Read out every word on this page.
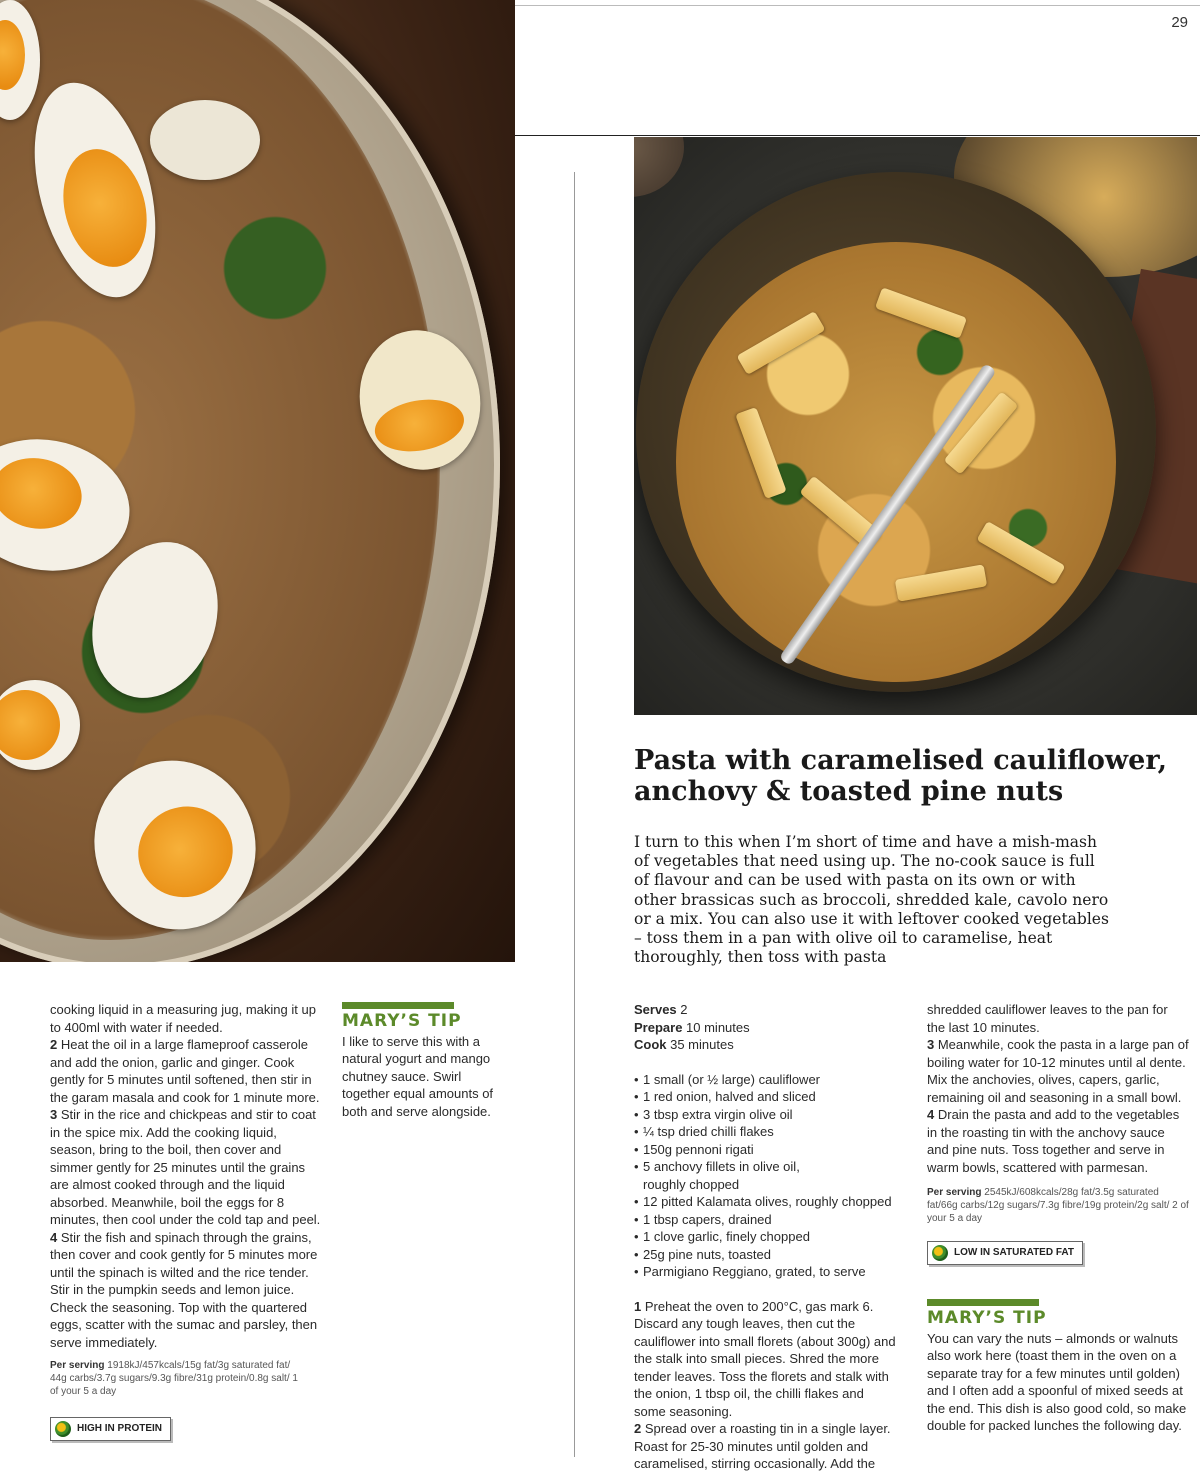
29
Pasta with caramelised cauliflower,
anchovy & toasted pine nuts

I turn to this when I’m short of time and have a mish-mash of vegetables that need using up. The no-cook sauce is full of flavour and can be used with pasta on its own or with other brassicas such as broccoli, shredded kale, cavolo nero or a mix. You can also use it with leftover cooked vegetables – toss them in a pan with olive oil to caramelise, heat thoroughly, then toss with pasta

cooking liquid in a measuring jug, making it up to 400ml with water if needed.

2 Heat the oil in a large flameproof casserole and add the onion, garlic and ginger. Cook gently for 5 minutes until softened, then stir in the garam masala and cook for 1 minute more.

3 Stir in the rice and chickpeas and stir to coat in the spice mix. Add the cooking liquid, season, bring to the boil, then cover and simmer gently for 25 minutes until the grains are almost cooked through and the liquid absorbed. Meanwhile, boil the eggs for 8 minutes, then cool under the cold tap and peel.

4 Stir the fish and spinach through the grains, then cover and cook gently for 5 minutes more until the spinach is wilted and the rice tender. Stir in the pumpkin seeds and lemon juice. Check the seasoning. Top with the quartered eggs, scatter with the sumac and parsley, then serve immediately.

Per serving 1918kJ/457kcals/15g fat/3g saturated fat/ 44g carbs/3.7g sugars/9.3g fibre/31g protein/0.8g salt/ 1 of your 5 a day

HIGH IN PROTEIN
MARY’S TIP

I like to serve this with a natural yogurt and mango chutney sauce. Swirl together equal amounts of both and serve alongside.

Serves 2
Prepare 10 minutes
Cook 35 minutes
• 1 small (or ½ large) cauliflower
• 1 red onion, halved and sliced
• 3 tbsp extra virgin olive oil
• ¼ tsp dried chilli flakes
• 150g pennoni rigati
• 5 anchovy fillets in olive oil, roughly chopped
• 12 pitted Kalamata olives, roughly chopped
• 1 tbsp capers, drained
• 1 clove garlic, finely chopped
• 25g pine nuts, toasted
• Parmigiano Reggiano, grated, to serve

1 Preheat the oven to 200°C, gas mark 6. Discard any tough leaves, then cut the cauliflower into small florets (about 300g) and the stalk into small pieces. Shred the more tender leaves. Toss the florets and stalk with the onion, 1 tbsp oil, the chilli flakes and some seasoning.

2 Spread over a roasting tin in a single layer. Roast for 25-30 minutes until golden and caramelised, stirring occasionally. Add the

shredded cauliflower leaves to the pan for the last 10 minutes.

3 Meanwhile, cook the pasta in a large pan of boiling water for 10-12 minutes until al dente. Mix the anchovies, olives, capers, garlic, remaining oil and seasoning in a small bowl.

4 Drain the pasta and add to the vegetables in the roasting tin with the anchovy sauce and pine nuts. Toss together and serve in warm bowls, scattered with parmesan.

Per serving 2545kJ/608kcals/28g fat/3.5g saturated fat/66g carbs/12g sugars/7.3g fibre/19g protein/2g salt/ 2 of your 5 a day

LOW IN SATURATED FAT
MARY’S TIP

You can vary the nuts – almonds or walnuts also work here (toast them in the oven on a separate tray for a few minutes until golden) and I often add a spoonful of mixed seeds at the end. This dish is also good cold, so make double for packed lunches the following day.
